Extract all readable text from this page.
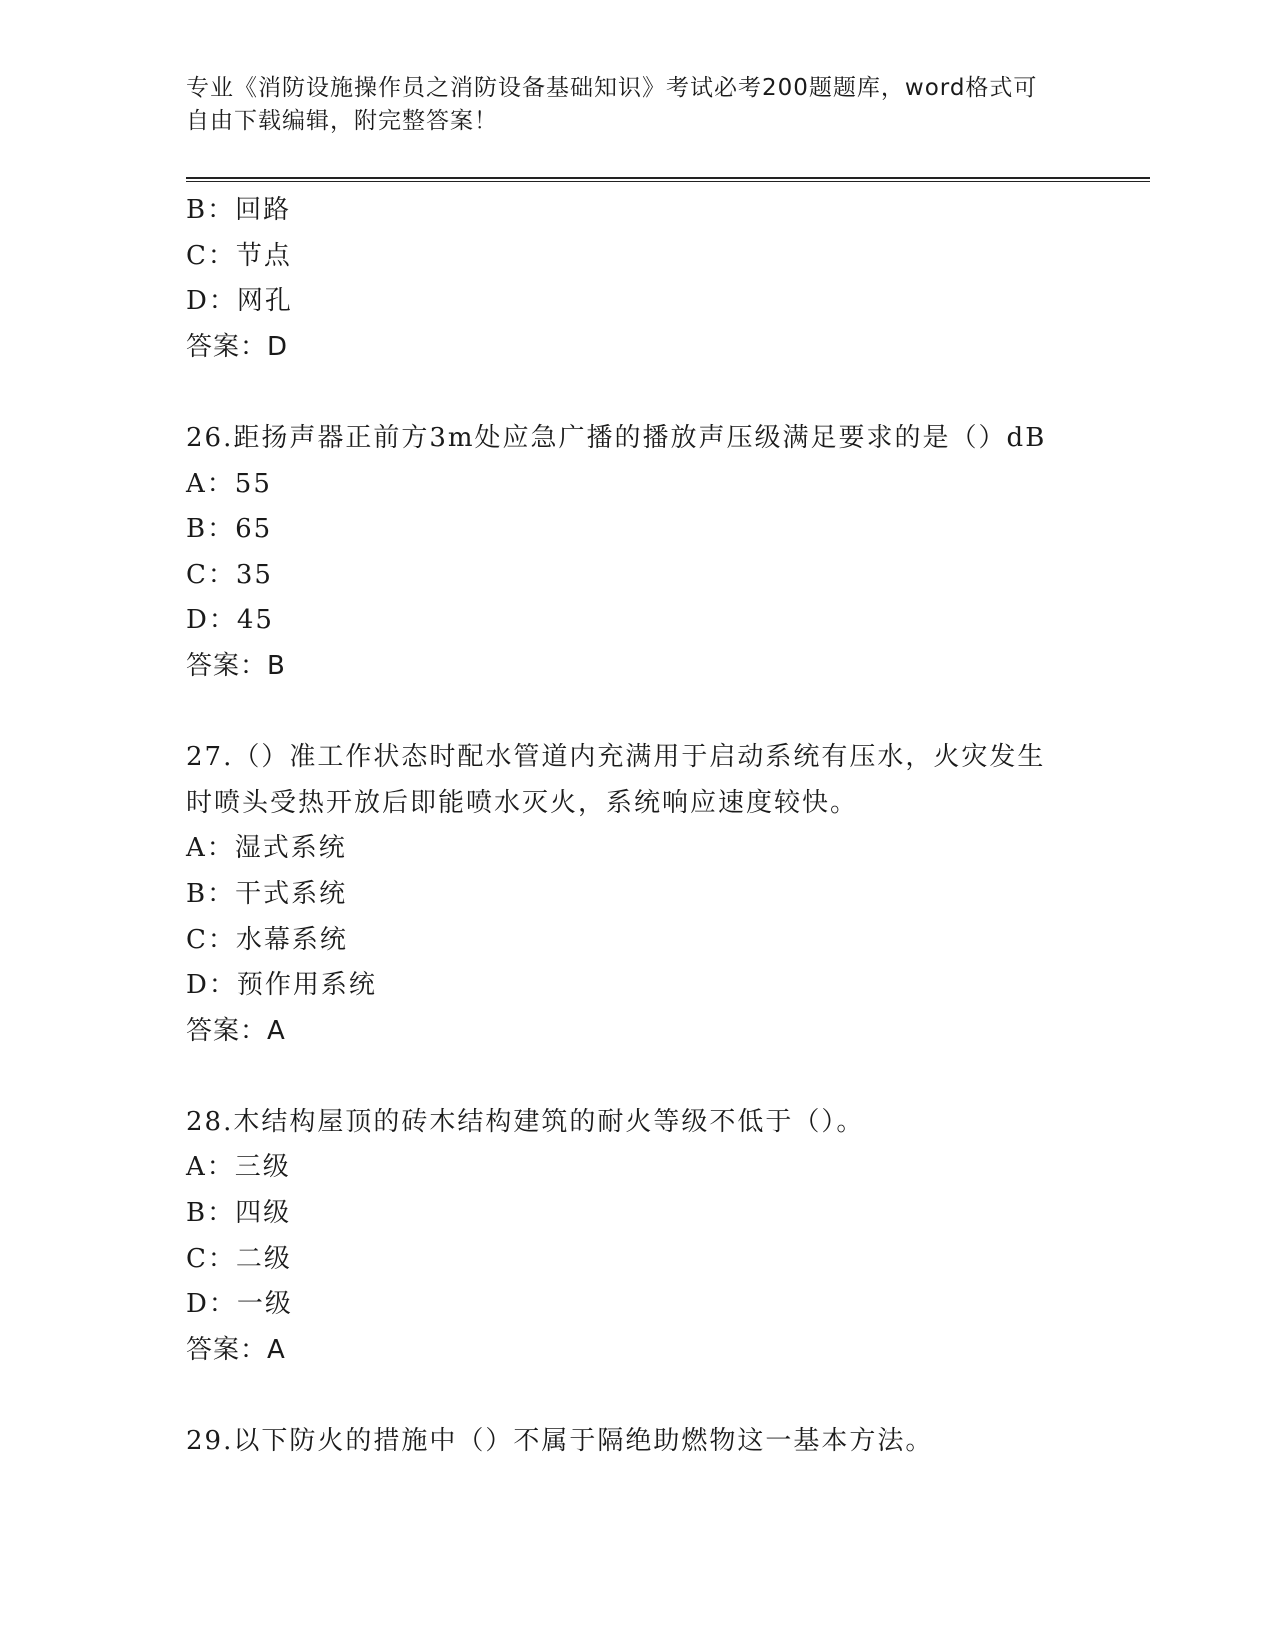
专业《消防设施操作员之消防设备基础知识》考试必考200题题库，word格式可
自由下载编辑，附完整答案！
B：回路
C：节点
D：网孔
答案：D
26.距扬声器正前方3m处应急广播的播放声压级满足要求的是（）dB
A：55
B：65
C：35
D：45
答案：B
27.（）准工作状态时配水管道内充满用于启动系统有压水，火灾发生
时喷头受热开放后即能喷水灭火，系统响应速度较快。
A：湿式系统
B：干式系统
C：水幕系统
D：预作用系统
答案：A
28.木结构屋顶的砖木结构建筑的耐火等级不低于（）。
A：三级
B：四级
C：二级
D：一级
答案：A
29.以下防火的措施中（）不属于隔绝助燃物这一基本方法。
